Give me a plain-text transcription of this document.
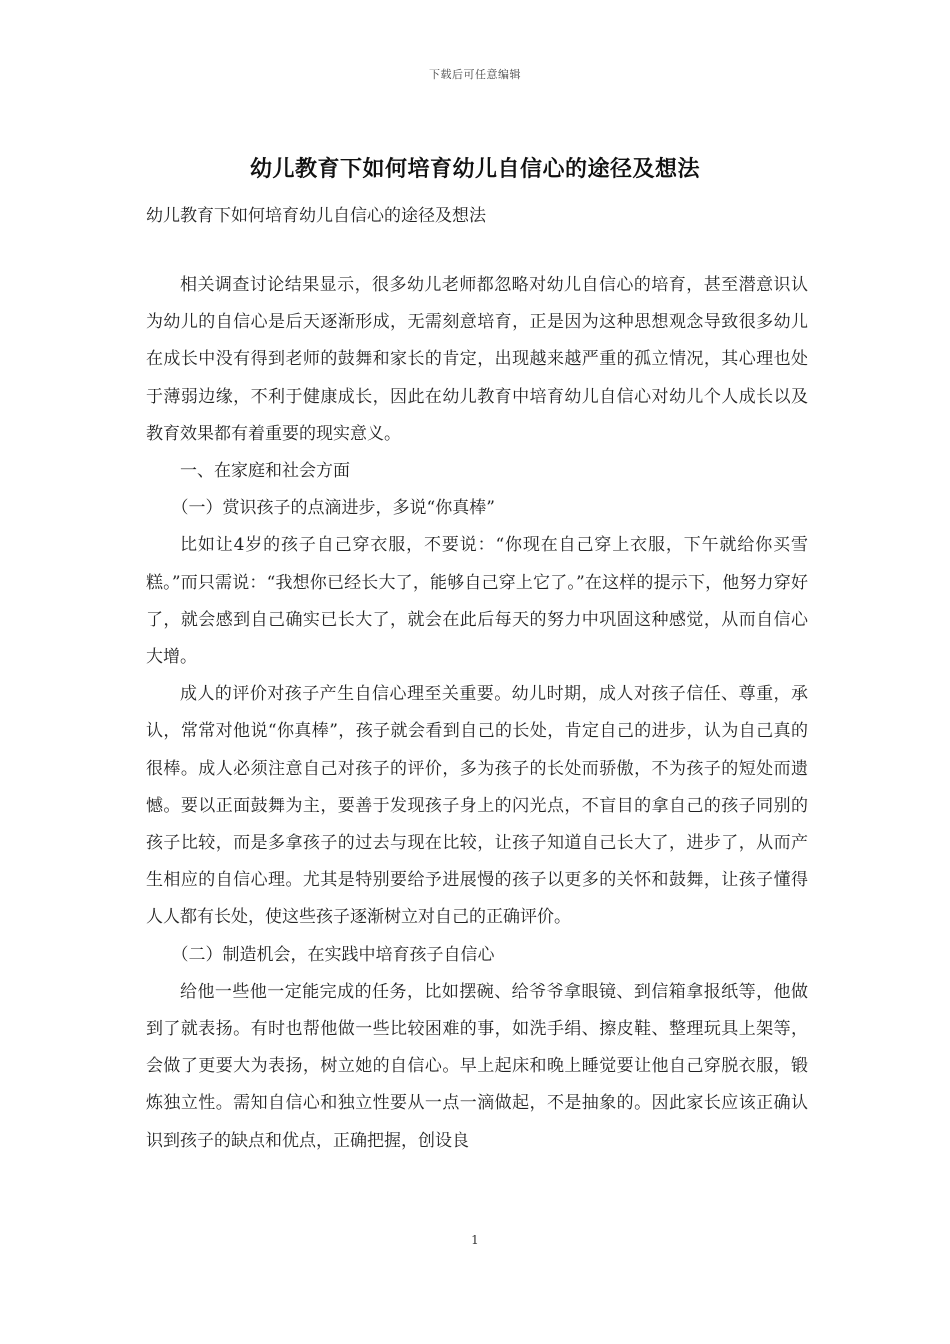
下载后可任意编辑
幼儿教育下如何培育幼儿自信心的途径及想法
幼儿教育下如何培育幼儿自信心的途径及想法

相关调查讨论结果显示，很多幼儿老师都忽略对幼儿自信心的培育，甚至潜意识认为幼儿的自信心是后天逐渐形成，无需刻意培育，正是因为这种思想观念导致很多幼儿在成长中没有得到老师的鼓舞和家长的肯定，出现越来越严重的孤立情况，其心理也处于薄弱边缘，不利于健康成长，因此在幼儿教育中培育幼儿自信心对幼儿个人成长以及教育效果都有着重要的现实意义。

一、在家庭和社会方面

（一）赏识孩子的点滴进步，多说“你真棒”

比如让4岁的孩子自己穿衣服，不要说：“你现在自己穿上衣服，下午就给你买雪糕。”而只需说：“我想你已经长大了，能够自己穿上它了。”在这样的提示下，他努力穿好了，就会感到自己确实已长大了，就会在此后每天的努力中巩固这种感觉，从而自信心大增。

成人的评价对孩子产生自信心理至关重要。幼儿时期，成人对孩子信任、尊重，承认，常常对他说“你真棒”，孩子就会看到自己的长处，肯定自己的进步，认为自己真的很棒。成人必须注意自己对孩子的评价，多为孩子的长处而骄傲，不为孩子的短处而遗憾。要以正面鼓舞为主，要善于发现孩子身上的闪光点，不盲目的拿自己的孩子同别的孩子比较，而是多拿孩子的过去与现在比较，让孩子知道自己长大了，进步了，从而产生相应的自信心理。尤其是特别要给予进展慢的孩子以更多的关怀和鼓舞，让孩子懂得人人都有长处，使这些孩子逐渐树立对自己的正确评价。

（二）制造机会，在实践中培育孩子自信心

给他一些他一定能完成的任务，比如摆碗、给爷爷拿眼镜、到信箱拿报纸等，他做到了就表扬。有时也帮他做一些比较困难的事，如洗手绢、擦皮鞋、整理玩具上架等，会做了更要大为表扬，树立她的自信心。早上起床和晚上睡觉要让他自己穿脱衣服，锻炼独立性。需知自信心和独立性要从一点一滴做起，不是抽象的。因此家长应该正确认识到孩子的缺点和优点，正确把握，创设良

1
